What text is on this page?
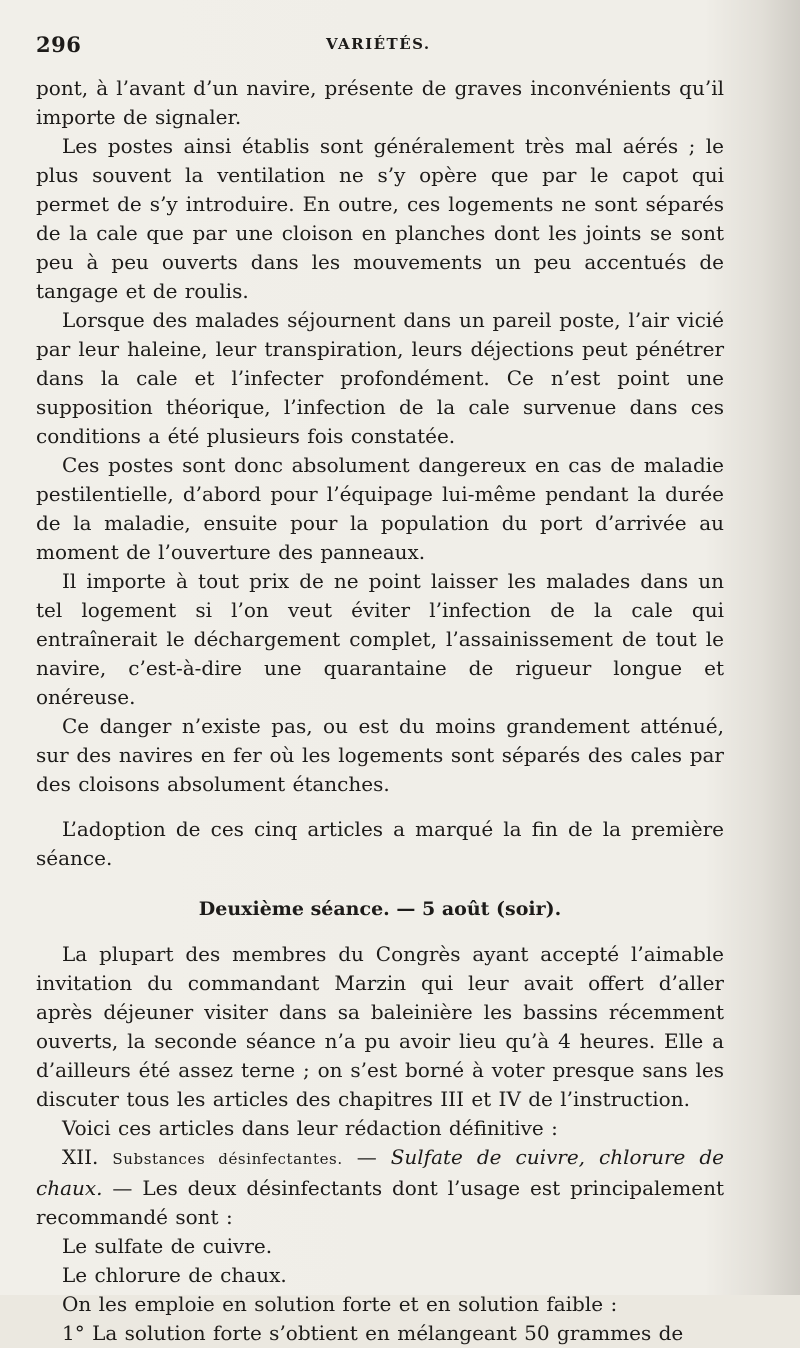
296	VARIÉTÉS.

pont, à l’avant d’un navire, présente de graves inconvénients qu’il importe de signaler.

Les postes ainsi établis sont généralement très mal aérés ; le plus souvent la ventilation ne s’y opère que par le capot qui permet de s’y introduire. En outre, ces logements ne sont séparés de la cale que par une cloison en planches dont les joints se sont peu à peu ouverts dans les mouvements un peu accentués de tangage et de roulis.

Lorsque des malades séjournent dans un pareil poste, l’air vicié par leur haleine, leur transpiration, leurs déjections peut pénétrer dans la cale et l’infecter profondément. Ce n’est point une supposition théorique, l’infection de la cale survenue dans ces conditions a été plusieurs fois constatée.

Ces postes sont donc absolument dangereux en cas de maladie pestilentielle, d’abord pour l’équipage lui-même pendant la durée de la maladie, ensuite pour la population du port d’arrivée au moment de l’ouverture des panneaux.

Il importe à tout prix de ne point laisser les malades dans un tel logement si l’on veut éviter l’infection de la cale qui entraînerait le déchargement complet, l’assainissement de tout le navire, c’est-à-dire une quarantaine de rigueur longue et onéreuse.

Ce danger n’existe pas, ou est du moins grandement atténué, sur des navires en fer où les logements sont séparés des cales par des cloisons absolument étanches.

L’adoption de ces cinq articles a marqué la fin de la première séance.

Deuxième séance. — 5 août (soir).

La plupart des membres du Congrès ayant accepté l’aimable invitation du commandant Marzin qui leur avait offert d’aller après déjeuner visiter dans sa baleinière les bassins récemment ouverts, la seconde séance n’a pu avoir lieu qu’à 4 heures. Elle a d’ailleurs été assez terne ; on s’est borné à voter presque sans les discuter tous les articles des chapitres III et IV de l’instruction.

Voici ces articles dans leur rédaction définitive :

XII. Substances désinfectantes. — Sulfate de cuivre, chlorure de chaux. — Les deux désinfectants dont l’usage est principalement recommandé sont :

Le sulfate de cuivre.

Le chlorure de chaux.

On les emploie en solution forte et en solution faible :

1° La solution forte s’obtient en mélangeant 50 grammes de
